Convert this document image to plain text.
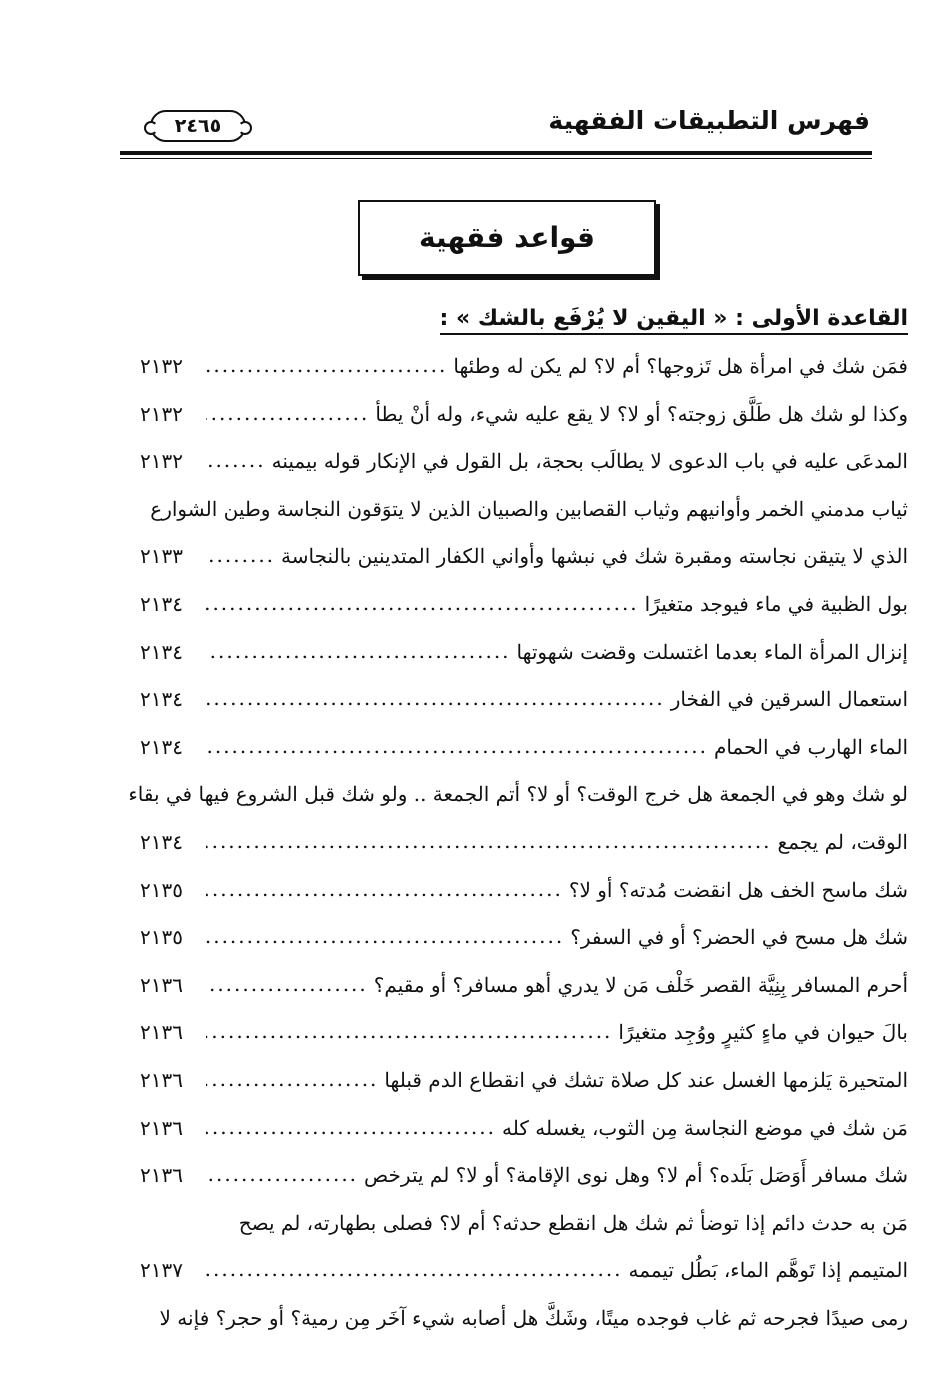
فهرس التطبيقات الفقهية
٢٤٦٥
قواعد فقهية
القاعدة الأولى : « اليقين لا يُرْفَع بالشك » :
فمَن شك في امرأة هل تَزوجها؟ أم لا؟ لم يكن له وطئها
.....
٢١٣٢
وكذا لو شك هل طَلَّق زوجته؟ أو لا؟ لا يقع عليه شيء، وله أنْ يطأ
.....
٢١٣٢
المدعَى عليه في باب الدعوى لا يطالَب بحجة، بل القول في الإنكار قوله بيمينه
.....
٢١٣٢
ثياب مدمني الخمر وأوانيهم وثياب القصابين والصبيان الذين لا يتوَقون النجاسة وطين الشوارع
الذي لا يتيقن نجاسته ومقبرة شك في نبشها وأواني الكفار المتدينين بالنجاسة
.....
٢١٣٣
بول الظبية في ماء فيوجد متغيرًا
.....
٢١٣٤
إنزال المرأة الماء بعدما اغتسلت وقضت شهوتها
.....
٢١٣٤
استعمال السرقين في الفخار
.....
٢١٣٤
الماء الهارب في الحمام
.....
٢١٣٤
لو شك وهو في الجمعة هل خرج الوقت؟ أو لا؟ أتم الجمعة .. ولو شك قبل الشروع فيها في بقاء
الوقت، لم يجمع
.....
٢١٣٤
شك ماسح الخف هل انقضت مُدته؟ أو لا؟
.....
٢١٣٥
شك هل مسح في الحضر؟ أو في السفر؟
.....
٢١٣٥
أحرم المسافر بِنِيَّة القصر خَلْف مَن لا يدري أهو مسافر؟ أو مقيم؟
.....
٢١٣٦
بالَ حيوان في ماءٍ كثيرٍ ووُجِد متغيرًا
.....
٢١٣٦
المتحيرة يَلزمها الغسل عند كل صلاة تشك في انقطاع الدم قبلها
.....
٢١٣٦
مَن شك في موضع النجاسة مِن الثوب، يغسله كله
.....
٢١٣٦
شك مسافر أَوَصَل بَلَده؟ أم لا؟ وهل نوى الإقامة؟ أو لا؟ لم يترخص
.....
٢١٣٦
مَن به حدث دائم إذا توضأ ثم شك هل انقطع حدثه؟ أم لا؟ فصلى بطهارته، لم يصح
المتيمم إذا تَوهَّم الماء، بَطُل تيممه
.....
٢١٣٧
رمى صيدًا فجرحه ثم غاب فوجده ميتًا، وشَكَّ هل أصابه شيء آخَر مِن رمية؟ أو حجر؟ فإنه لا
